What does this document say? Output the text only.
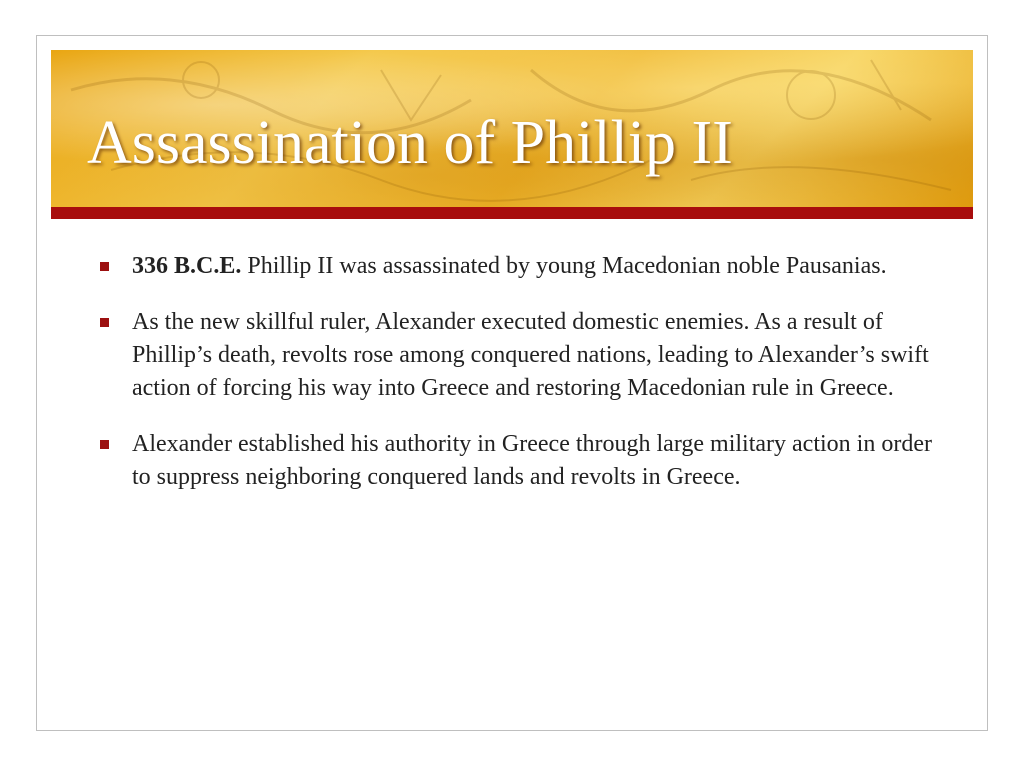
Assassination of Phillip II
336 B.C.E. Phillip II was assassinated by young Macedonian noble Pausanias.
As the new skillful ruler, Alexander executed domestic enemies. As a result of Phillip’s death, revolts rose among conquered nations, leading to Alexander’s swift action of forcing his way into Greece and restoring Macedonian rule in Greece.
Alexander established his authority in Greece through large military action in order to suppress neighboring conquered lands and revolts in Greece.
